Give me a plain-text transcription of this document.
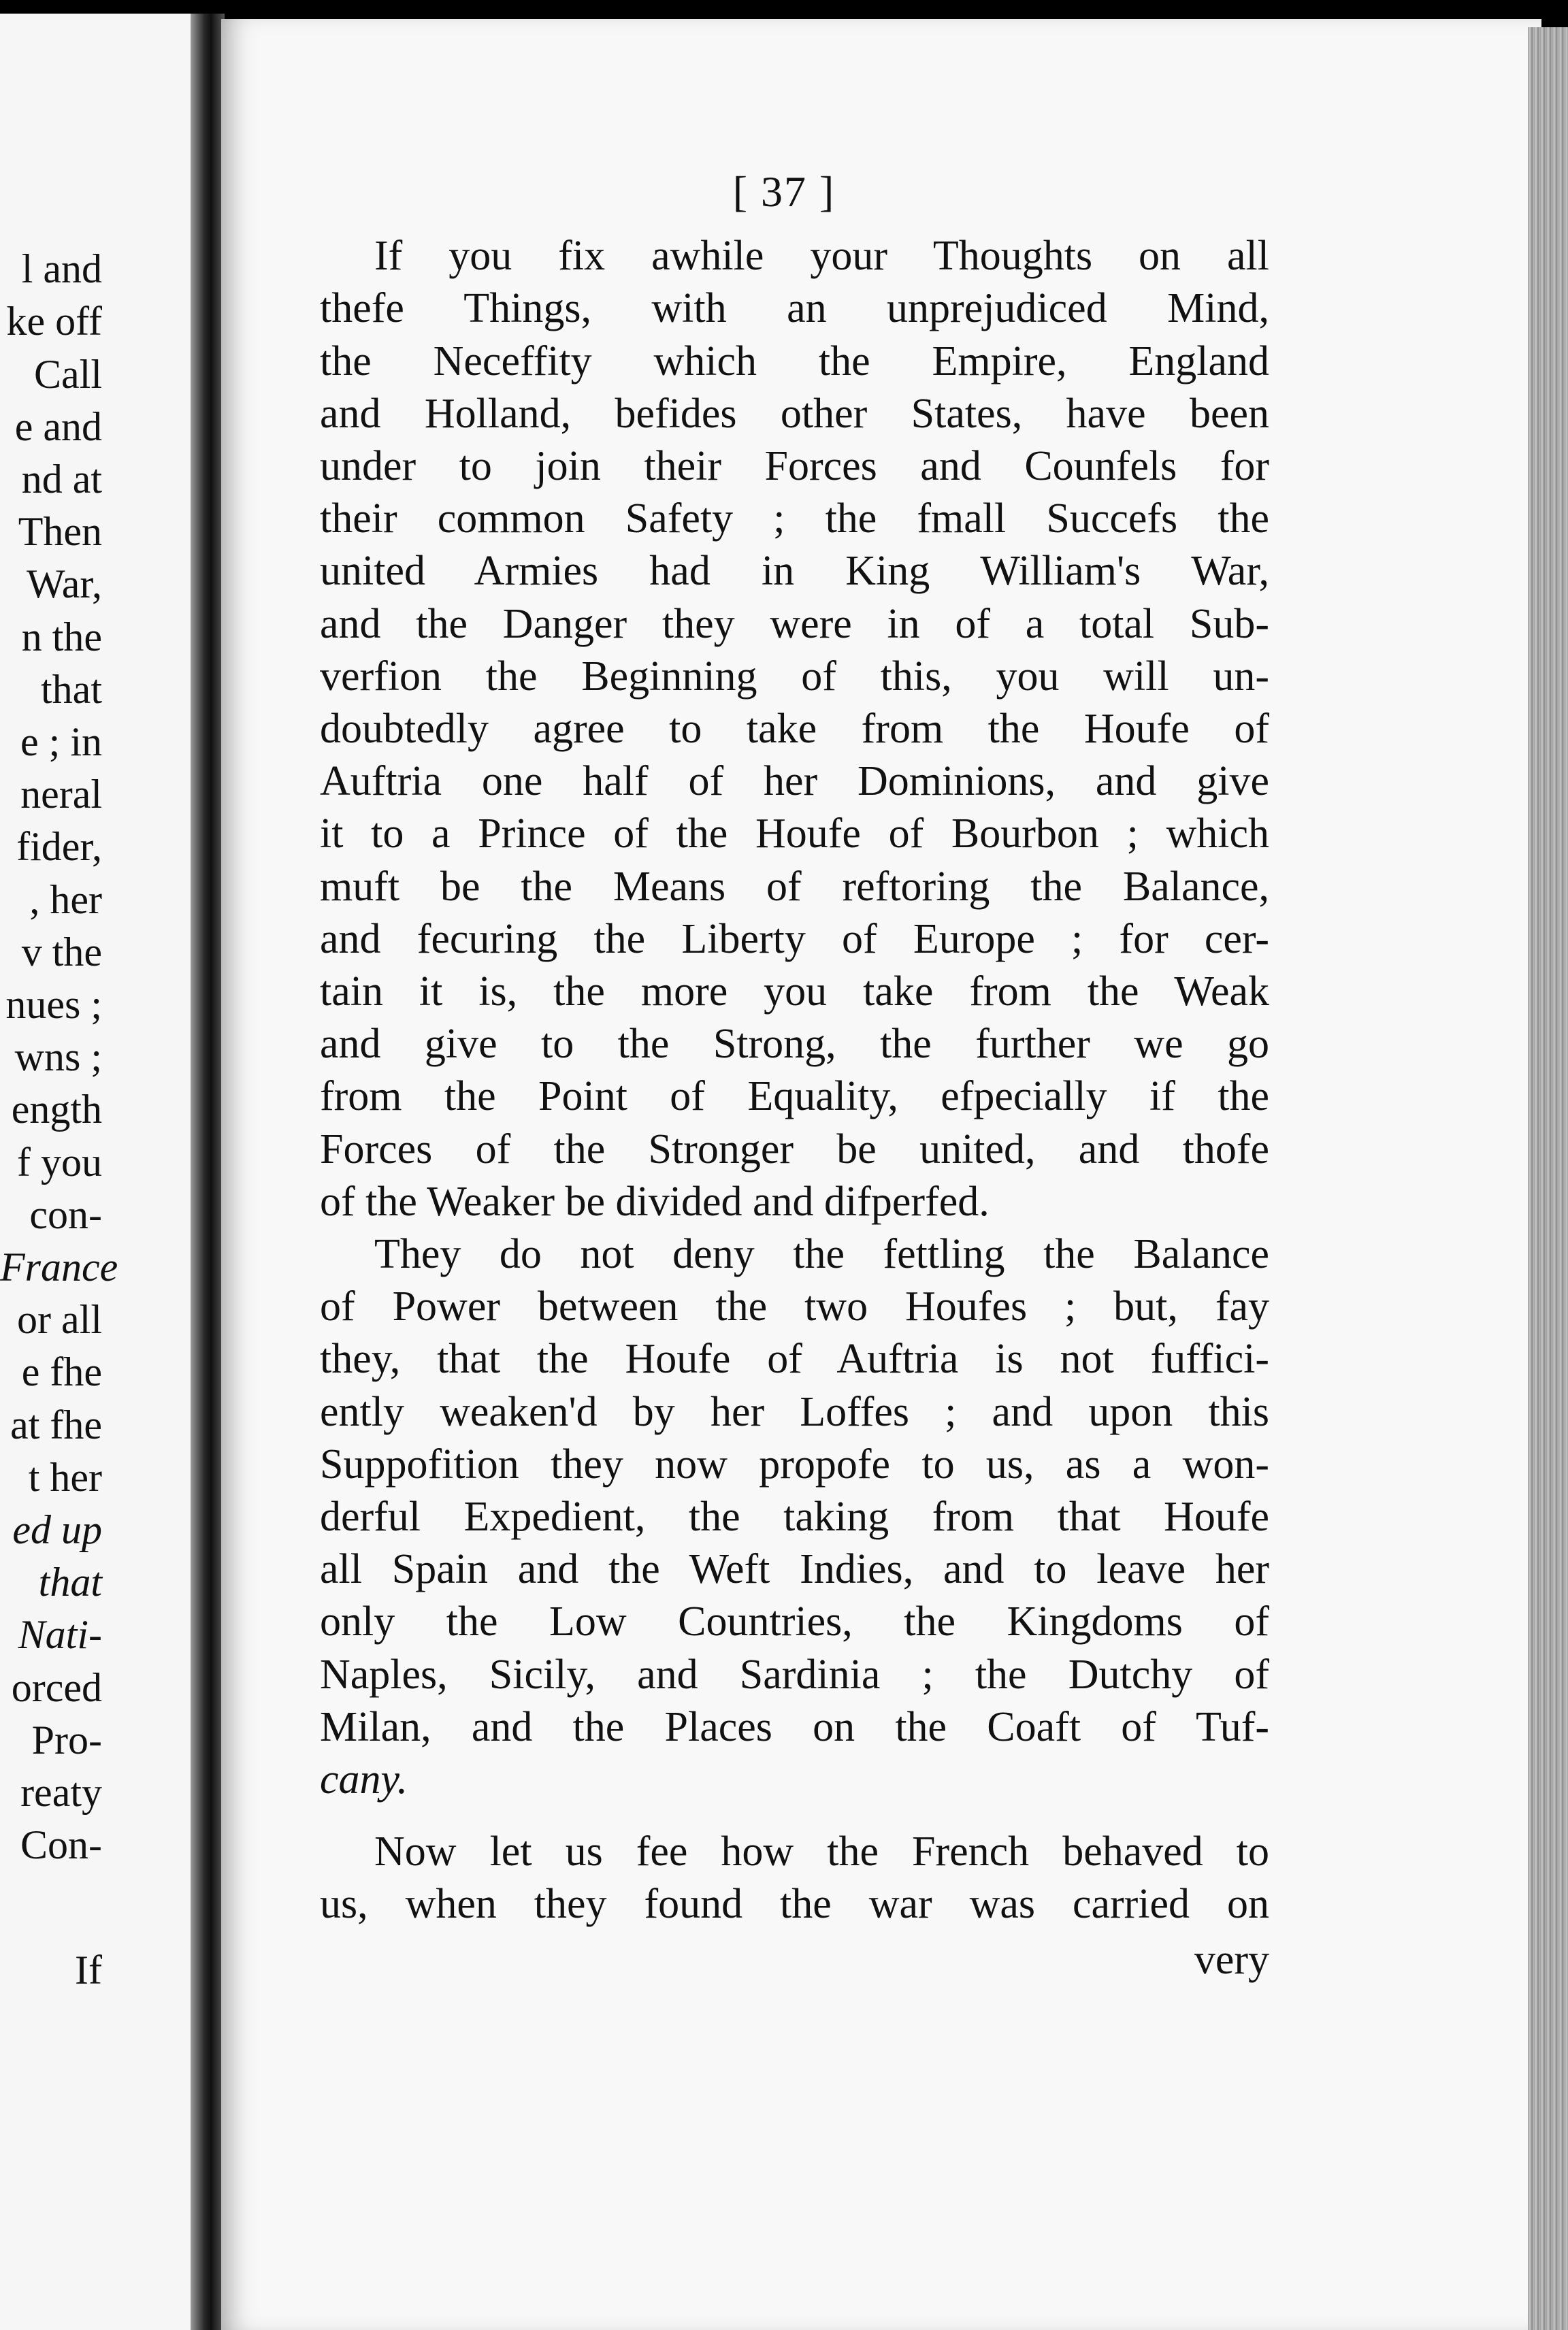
l and
ke off
Call
e and
nd at
Then
War,
n the
that
e ; in
neral
fider,
, her
v the
nues ;
wns ;
ength
f you
con-
France
or all
e fhe
at fhe
t her
ed up
that
Nati-
orced
Pro-
reaty
Con-
If
[ 37 ]
If you fix awhile your Thoughts on all
thefe Things, with an unprejudiced Mind,
the Neceffity which the Empire, England
and Holland, befides other States, have been
under to join their Forces and Counfels for
their common Safety ; the fmall Succefs the
united Armies had in King William's War,
and the Danger they were in of a total Sub-
verfion the Beginning of this, you will un-
doubtedly agree to take from the Houfe of
Auftria one half of her Dominions, and give
it to a Prince of the Houfe of Bourbon ; which
muft be the Means of reftoring the Balance,
and fecuring the Liberty of Europe ; for cer-
tain it is, the more you take from the Weak
and give to the Strong, the further we go
from the Point of Equality, efpecially if the
Forces of the Stronger be united, and thofe
of the Weaker be divided and difperfed.
They do not deny the fettling the Balance
of Power between the two Houfes ; but, fay
they, that the Houfe of Auftria is not fuffici-
ently weaken'd by her Loffes ; and upon this
Suppofition they now propofe to us, as a won-
derful Expedient, the taking from that Houfe
all Spain and the Weft Indies, and to leave her
only the Low Countries, the Kingdoms of
Naples, Sicily, and Sardinia ; the Dutchy of
Milan, and the Places on the Coaft of Tuf-
cany.
Now let us fee how the French behaved to
us, when they found the war was carried on
very
